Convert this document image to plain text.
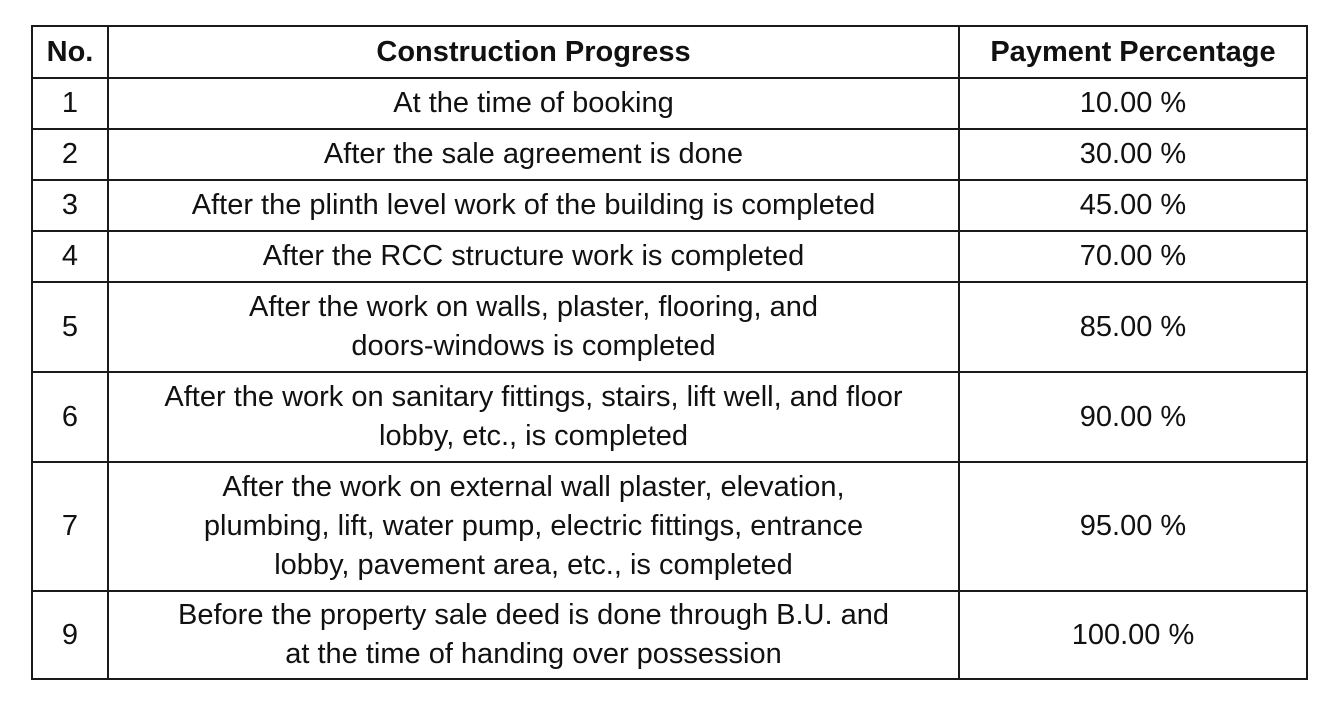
No.	Construction Progress	Payment Percentage
1	At the time of booking	10.00 %
2	After the sale agreement is done	30.00 %
3	After the plinth level work of the building is completed	45.00 %
4	After the RCC structure work is completed	70.00 %
5	After the work on walls, plaster, flooring, and
doors-windows is completed	85.00 %
6	After the work on sanitary fittings, stairs, lift well, and floor
lobby, etc., is completed	90.00 %
7	After the work on external wall plaster, elevation,
plumbing, lift, water pump, electric fittings, entrance
lobby, pavement area, etc., is completed	95.00 %
9	Before the property sale deed is done through B.U. and
at the time of handing over possession	100.00 %
